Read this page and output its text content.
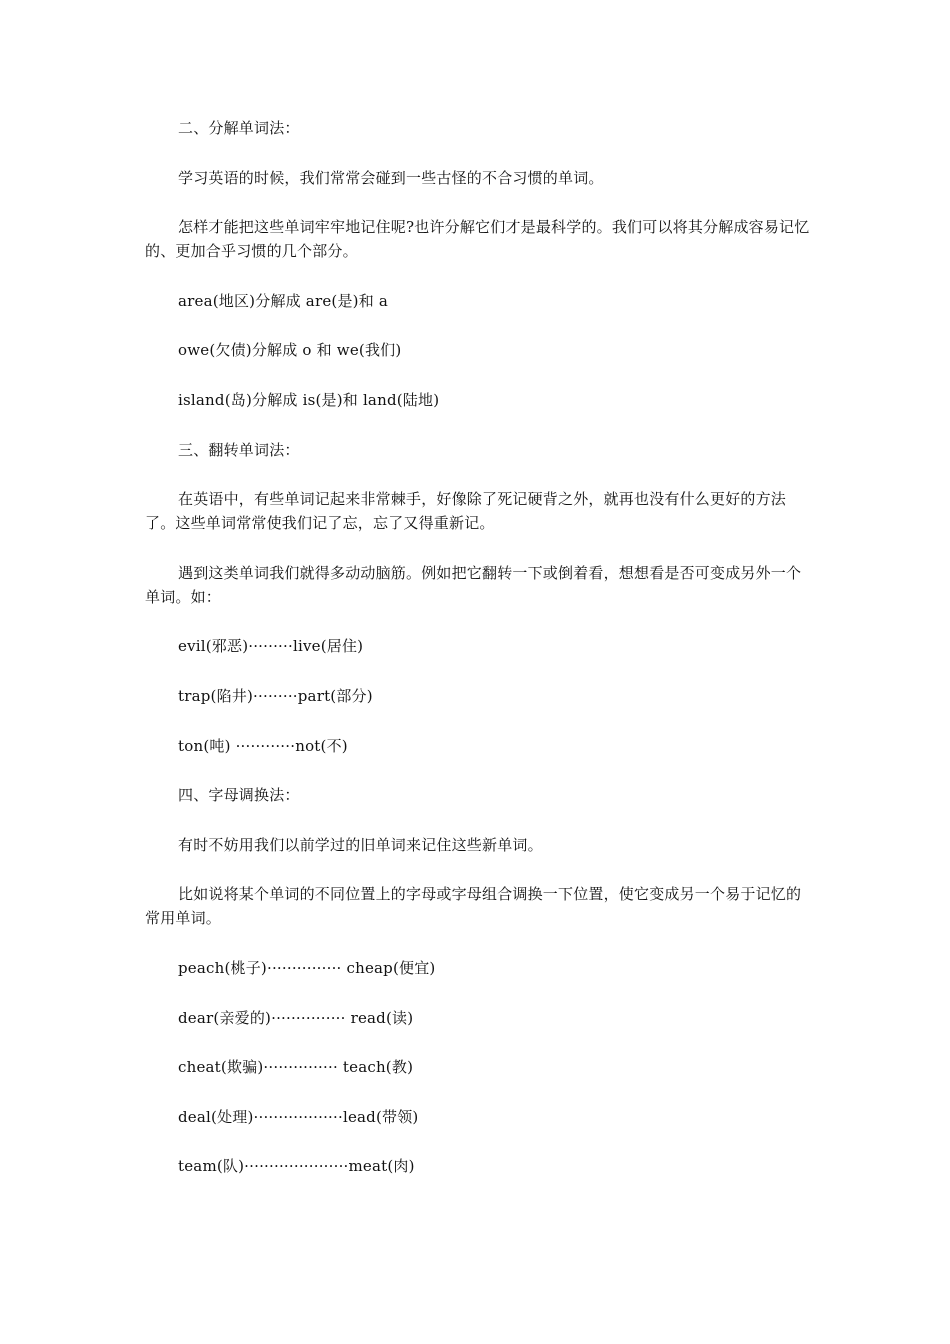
二、分解单词法：

学习英语的时候，我们常常会碰到一些古怪的不合习惯的单词。

怎样才能把这些单词牢牢地记住呢?也许分解它们才是最科学的。我们可以将其分解成容易记忆的、更加合乎习惯的几个部分。

area(地区)分解成 are(是)和 a

owe(欠债)分解成 o 和 we(我们)

island(岛)分解成 is(是)和 land(陆地)

三、翻转单词法：

在英语中，有些单词记起来非常棘手，好像除了死记硬背之外，就再也没有什么更好的方法了。这些单词常常使我们记了忘，忘了又得重新记。

遇到这类单词我们就得多动动脑筋。例如把它翻转一下或倒着看，想想看是否可变成另外一个单词。如：

evil(邪恶)·········live(居住)

trap(陷井)·········part(部分)

ton(吨) ············not(不)

四、字母调换法：

有时不妨用我们以前学过的旧单词来记住这些新单词。

比如说将某个单词的不同位置上的字母或字母组合调换一下位置，使它变成另一个易于记忆的常用单词。

peach(桃子)··············· cheap(便宜)

dear(亲爱的)··············· read(读)

cheat(欺骗)··············· teach(教)

deal(处理)··················lead(带领)

team(队)·····················meat(肉)
